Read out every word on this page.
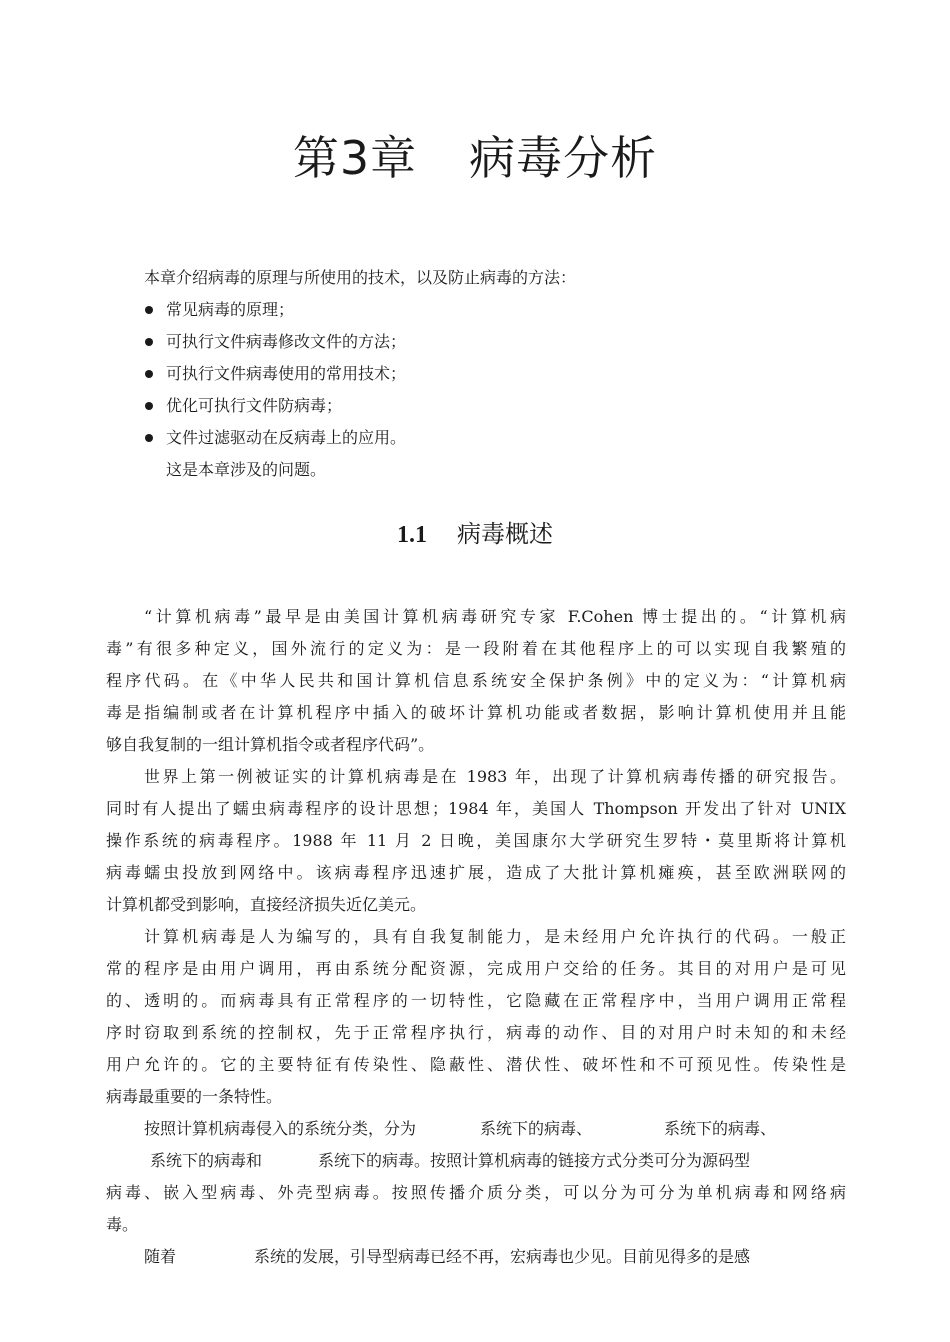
第3章 病毒分析

本章介绍病毒的原理与所使用的技术，以及防止病毒的方法：

常见病毒的原理；
可执行文件病毒修改文件的方法；
可执行文件病毒使用的常用技术；
优化可执行文件防病毒；
文件过滤驱动在反病毒上的应用。

这是本章涉及的问题。

1.1 病毒概述
“计算机病毒”最早是由美国计算机病毒研究专家 F.Cohen 博士提出的。“计算机病
毒”有很多种定义，国外流行的定义为：是一段附着在其他程序上的可以实现自我繁殖的
程序代码。在《中华人民共和国计算机信息系统安全保护条例》中的定义为：“计算机病
毒是指编制或者在计算机程序中插入的破坏计算机功能或者数据，影响计算机使用并且能
够自我复制的一组计算机指令或者程序代码”。
世界上第一例被证实的计算机病毒是在 1983 年，出现了计算机病毒传播的研究报告。
同时有人提出了蠕虫病毒程序的设计思想；1984 年，美国人 Thompson 开发出了针对 UNIX
操作系统的病毒程序。1988 年 11 月 2 日晚，美国康尔大学研究生罗特・莫里斯将计算机
病毒蠕虫投放到网络中。该病毒程序迅速扩展，造成了大批计算机瘫痪，甚至欧洲联网的
计算机都受到影响，直接经济损失近亿美元。
计算机病毒是人为编写的，具有自我复制能力，是未经用户允许执行的代码。一般正
常的程序是由用户调用，再由系统分配资源，完成用户交给的任务。其目的对用户是可见
的、透明的。而病毒具有正常程序的一切特性，它隐藏在正常程序中，当用户调用正常程
序时窃取到系统的控制权，先于正常程序执行，病毒的动作、目的对用户时未知的和未经
用户允许的。它的主要特征有传染性、隐蔽性、潜伏性、破坏性和不可预见性。传染性是
病毒最重要的一条特性。
按照计算机病毒侵入的系统分类，分为	系统下的病毒、	系统下的病毒、
系统下的病毒和	系统下的病毒。按照计算机病毒的链接方式分类可分为源码型
病毒、嵌入型病毒、外壳型病毒。按照传播介质分类，可以分为可分为单机病毒和网络病
毒。
随着	系统的发展，引导型病毒已经不再，宏病毒也少见。目前见得多的是感
